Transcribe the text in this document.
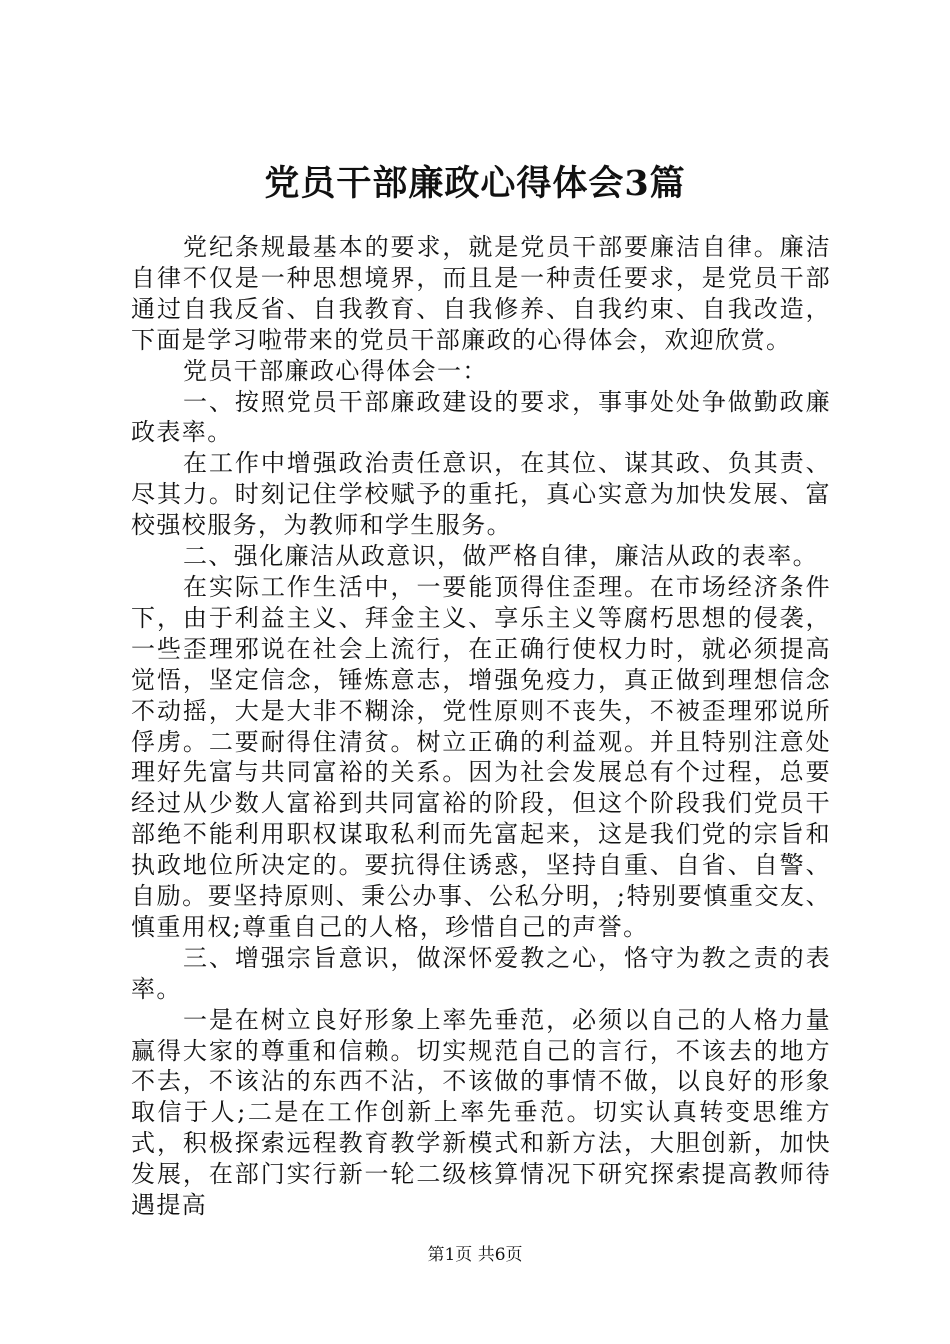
党员干部廉政心得体会3篇

党纪条规最基本的要求，就是党员干部要廉洁自律。廉洁自律不仅是一种思想境界，而且是一种责任要求，是党员干部通过自我反省、自我教育、自我修养、自我约束、自我改造，下面是学习啦带来的党员干部廉政的心得体会，欢迎欣赏。

党员干部廉政心得体会一：

一、按照党员干部廉政建设的要求，事事处处争做勤政廉政表率。

在工作中增强政治责任意识，在其位、谋其政、负其责、尽其力。时刻记住学校赋予的重托，真心实意为加快发展、富校强校服务，为教师和学生服务。

二、强化廉洁从政意识，做严格自律，廉洁从政的表率。

在实际工作生活中，一要能顶得住歪理。在市场经济条件下，由于利益主义、拜金主义、享乐主义等腐朽思想的侵袭，一些歪理邪说在社会上流行，在正确行使权力时，就必须提高觉悟，坚定信念，锤炼意志，增强免疫力，真正做到理想信念不动摇，大是大非不糊涂，党性原则不丧失，不被歪理邪说所俘虏。二要耐得住清贫。树立正确的利益观。并且特别注意处理好先富与共同富裕的关系。因为社会发展总有个过程，总要经过从少数人富裕到共同富裕的阶段，但这个阶段我们党员干部绝不能利用职权谋取私利而先富起来，这是我们党的宗旨和执政地位所决定的。要抗得住诱惑，坚持自重、自省、自警、自励。要坚持原则、秉公办事、公私分明，;特别要慎重交友、慎重用权;尊重自己的人格，珍惜自己的声誉。

三、增强宗旨意识，做深怀爱教之心，恪守为教之责的表率。

一是在树立良好形象上率先垂范，必须以自己的人格力量赢得大家的尊重和信赖。切实规范自己的言行，不该去的地方不去，不该沾的东西不沾，不该做的事情不做，以良好的形象取信于人;二是在工作创新上率先垂范。切实认真转变思维方式，积极探索远程教育教学新模式和新方法，大胆创新，加快发展，在部门实行新一轮二级核算情况下研究探索提高教师待遇提高

第1页 共6页
